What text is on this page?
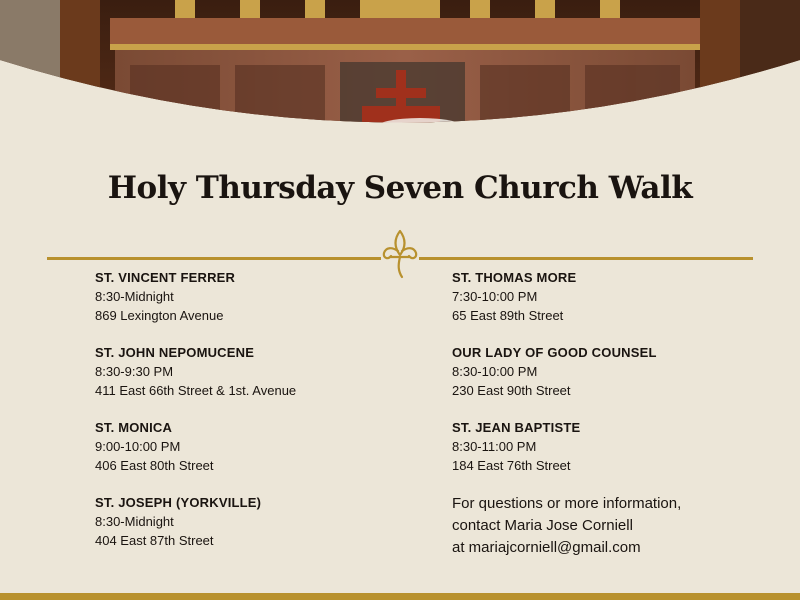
Holy Thursday Seven Church Walk
ST. VINCENT FERRER
8:30-Midnight
869 Lexington Avenue
ST. JOHN NEPOMUCENE
8:30-9:30 PM
411 East 66th Street & 1st. Avenue
ST. MONICA
9:00-10:00 PM
406 East 80th Street
ST. JOSEPH (YORKVILLE)
8:30-Midnight
404 East 87th Street
ST. THOMAS MORE
7:30-10:00 PM
65 East 89th Street
OUR LADY OF GOOD COUNSEL
8:30-10:00 PM
230 East 90th Street
ST. JEAN BAPTISTE
8:30-11:00 PM
184 East 76th Street
For questions or more information,
contact Maria Jose Corniell
at mariajcorniell@gmail.com
